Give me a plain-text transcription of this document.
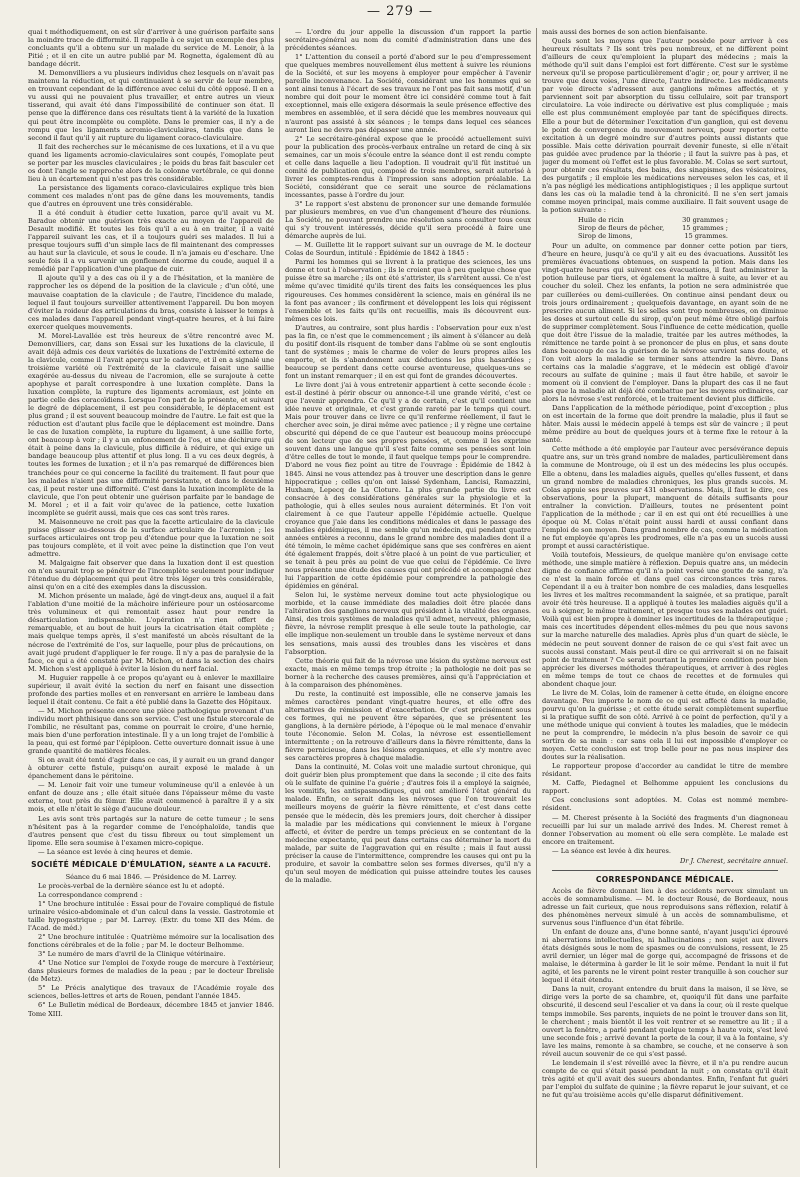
— 279 —

quai t méthodiquement, on est sûr d'arriver à une guérison parfaite sans la moindre trace de difformité. Il rappelle à ce sujet un exemple des plus concluants qu'il a obtenu sur un malade du service de M. Lenoir, à la Pitié ; et il en cite un autre publié par M. Rognetta, également dû au bandage décrit.

M. Demonvilliers a vu plusieurs individus chez lesquels on n'avait pas maintenu la réduction, et qui continuaient à se servir de leur membre, en trouvant cependant de la différence avec celui du côté opposé. Il en a vu aussi qui ne pouvaient plus travailler, et entre autres un vieux tisserand, qui avait été dans l'impossibilité de continuer son état. Il pense que la différence dans ces résultats tient à la variété de la luxation qui peut être incomplète ou complète. Dans le premier cas, il n'y a de rompu que les ligaments acromio-claviculaires, tandis que dans le second il faut qu'il y ait rupture du ligament coraco-claviculaire.

Il fait des recherches sur le mécanisme de ces luxations, et il a vu que quand les ligaments acromio-claviculaires sont coupés, l'omoplate peut se porter par les muscles claviculaires ; le poids du bras fait basculer cet os dont l'angle se rapproche alors de la colonne vertébrale, ce qui donne lieu à un écartement qui n'est pas très considérable.

La persistance des ligaments coraco-claviculaires explique très bien comment ces malades n'ont pas de gêne dans les mouvements, tandis que d'autres en éprouvent une très considérable.

Il a été conduit à étudier cette luxation, parce qu'il avait vu M. Baradue obtenir une guérison très exacte au moyen de l'appareil de Desault modifié. Et toutes les fois qu'il a eu à en traiter, il a vaité l'appareil suivant les cas, et il a toujours guéri ses malades. Il lui a presque toujours suffi d'un simple lacs de fil maintenant des compresses au haut sur la clavicule, et sous le coude. Il n'a jamais eu d'eschare. Une seule fois il a vu survenir un gonflement énorme du coude, auquel il a remédié par l'application d'une plaque de cuir.

Il ajoute qu'il y a des cas où il y a de l'hésitation, et la manière de rapprocher les os dépend de la position de la clavicule ; d'un côté, une mauvaise coaptation de la clavicule ; de l'autre, l'incidence du malade, lequel il faut toujours surveiller attentivement l'appareil. Du bon moyen d'éviter la roideur des articulations du bras, consiste à laisser le temps à ces malades dans l'appareil pendant vingt-quatre heures, et à lui faire exercer quelques mouvements.

M. Morel-Lavallée est très heureux de s'être rencontré avec M. Demonvilliers, car, dans son Essai sur les luxations de la clavicule, il avait déjà admis ces deux variétés de luxations de l'extrémité externe de la clavicule, comme il l'avait aperçu sur le cadavre, et il en a signalé une troisième variété où l'extrémité de la clavicule faisait une saillie exagérée au-dessus du niveau de l'acromion, elle se surajoute à cette apophyse et paraît correspondre à une luxation complète. Dans la luxation complète, la rupture des ligaments acromiaux, est jointe en partie celle des coracoïdiens. Lorsque l'on part de la présente, et suivant le degré de déplacement, il est peu considérable, le déplacement est plus grand ; il est souvent beaucoup moindre de l'autre. Le fait est que la réduction est d'autant plus facile que le déplacement est moindre. Dans le cas de luxation complète, la rupture du ligament, à une saillie forte, ont beaucoup à voir ; il y a un enfoncement de l'os, et une déchirure qui était à peine dans la clavicule, plus difficile à réduire, et qui exige un bandage beaucoup plus attentif et plus long. Il a vu ces deux degrés, à toutes les formes de luxation ; et il n'a pas remarqué de différences bien tranchées pour ce qui concerne la facilité du traitement. Il faut pour que les malades n'aient pas une difformité persistante, et dans le deuxième cas, il peut rester une difformité. C'est dans la luxation incomplète de la clavicule, que l'on peut obtenir une guérison parfaite par le bandage de M. Morel ; et il a fait voir qu'avec de la patience, cette luxation incomplète se guérit aussi, mais que ces cas sont très rares.

M. Maisonneuve ne croit pas que la facette articulaire de la clavicule puisse glisser au-dessous de la surface articulaire de l'acromion ; les surfaces articulaires ont trop peu d'étendue pour que la luxation ne soit pas toujours complète, et il voit avec peine la distinction que l'on veut admettre.

M. Malgaigne fait observer que dans la luxation dont il est question on n'en saurait trop se pénétrer de l'incomplète seulement pour indiquer l'étendue du déplacement qui peut être très léger ou très considérable, ainsi qu'on en a cité des exemples dans la discussion.

M. Michon présente un malade, âgé de vingt-deux ans, auquel il a fait l'ablation d'une moitié de la mâchoire inférieure pour un ostéosarcome très volumineux et qui remontait assez haut pour rendre la désarticulation indispensable. L'opération n'a rien offert de remarquable, et au bout de huit jours la cicatrisation était complète ; mais quelque temps après, il s'est manifesté un abcès résultant de la nécrose de l'extrémité de l'os, sur laquelle, pour plus de précautions, on avait jugé prudent d'appliquer le fer rouge. Il n'y a pas de paralysie de la face, ce qui a été constaté par M. Michon, et dans la section des chairs M. Michon s'est appliqué à éviter la lésion du nerf facial.

M. Huguier rappelle à ce propos qu'ayant eu à enlever le maxillaire supérieur, il avait évité la section du nerf en faisant une dissection profonde des parties molles et en renversant en arrière le lambeau dans lequel il était contenu. Ce fait a été publié dans la Gazette des Hôpitaux.

— M. Michon présente encore une pièce pathologique provenant d'un individu mort phthisique dans son service. C'est une fistule stercorale de l'ombilic, ne résultant pas, comme on pourrait le croire, d'une hernie, mais bien d'une perforation intestinale. Il y a un long trajet de l'ombilic à la peau, qui est formé par l'épiploon. Cette ouverture donnait issue à une grande quantité de matières fécales.

Si on avait été tenté d'agir dans ce cas, il y aurait eu un grand danger à obturer cette fistule, puisqu'on aurait exposé le malade à un épanchement dans le péritoine.

— M. Lenoir fait voir une tumeur volumineuse qu'il a enlevée à un enfant de douze ans ; elle était située dans l'épaisseur même du vaste externe, tout près du fémur. Elle avait commencé à paraître il y a six mois, et elle n'était le siège d'aucune douleur.

Les avis sont très partagés sur la nature de cette tumeur ; le sens n'hésitent pas à la regarder comme de l'encéphaloïde, tandis que d'autres pensent que c'est du tissu fibreux ou tout simplement un lipome. Elle sera soumise à l'examen micro-copique.

— La séance est levée à cinq heures et demie.

SOCIÉTÉ MÉDICALE D'ÉMULATION, SÉANTE A LA FACULTÉ.

Séance du 6 mai 1846. — Présidence de M. Larrey.

Le procès-verbal de la dernière séance est lu et adopté.

La correspondance comprend :

1° Une brochure intitulée : Essai pour de l'ovaire compliqué de fistule urinaire vésico-abdominale et d'un calcul dans la vessie. Gastrotomie et taille hypogastrique ; par M. Larrey. (Extr. du tome XII des Mém. de l'Acad. de méd.)

2° Une brochure intitulée : Quatrième mémoire sur la localisation des fonctions cérébrales et de la folie ; par M. le docteur Belhomme.

3° Le numéro de mars d'avril de la Clinique vétérinaire.

4° Une Notice sur l'emploi de l'oxyde rouge de mercure à l'extérieur, dans plusieurs formes de maladies de la peau ; par le docteur Ibrelisle (de Metz).

5° Le Précis analytique des travaux de l'Académie royale des sciences, belles-lettres et arts de Rouen, pendant l'année 1845.

6° Le Bulletin médical de Bordeaux, décembre 1845 et janvier 1846. Tome XIII.

— L'ordre du jour appelle la discussion d'un rapport la partie secrétaire-général au nom du comité d'administration dans une des précédentes séances.

1° L'attention du conseil a porté d'abord sur le peu d'empressement que quelques membres nouvellement élus mettent à suivre les réunions de la Société, et sur les moyens à employer pour empêcher à l'avenir pareille inconvenance. La Société, considérant une les hommes qui se sont ainsi tenus à l'écart de ses travaux ne l'ont pas fait sans motif, d'un nombre qui doit pour le moment être ici considéré comme tout à fait exceptionnel, mais elle exigera désormais la seule présence effective des membres en assemblée, et il sera décidé que les membres nouveaux qui n'auront pas assisté à six séances ; le temps dans lequel ces séances auront lieu ne devra pas dépasser une année.

2° Le secrétaire-général expose que le procédé actuellement suivi pour la publication des procès-verbaux entraîne un retard de cinq à six semaines, car un mois s'écoule entre la séance dont il est rendu compte et celle dans laquelle a lieu l'adoption. Il voudrait qu'il fût institué un comité de publication qui, composé de trois membres, serait autorisé à livrer les comptes-rendus à l'impression sans adoption préalable. La Société, considérant que ce serait une source de réclamations incessantes, passe à l'ordre du jour.

3° Le rapport s'est abstenu de prononcer sur une demande formulée par plusieurs membres, en vue d'un changement d'heure des réunions. La Société, ne pouvant prendre une résolution sans consulter tous ceux qui s'y trouvent intéressés, décide qu'il sera procédé à faire une démarche auprès de lui.

— M. Guillette lit le rapport suivant sur un ouvrage de M. le docteur Colas de Sourdun, intitulé : Épidémie de 1842 à 1845 :

Parmi les hommes qui se livrent à la pratique des sciences, les uns donne et tout à l'observation ; ils le croient que à peu quelque chose que puisse être sa marche ; ils ont été s'attrister, ils s'arrêtent aussi. Ce n'est même qu'avec timidité qu'ils tirent des faits les conséquences les plus rigoureuses. Ces hommes considèrent la science, mais en général ils ne la font pas avancer ; ils confirment et développent les lois qui régissent l'ensemble et les faits qu'ils ont recueillis, mais ils découvrent eux-mêmes ces lois.

D'autres, au contraire, sont plus hardis : l'observation pour eux n'est pas la fin, ce n'est que le commencement ; ils aiment à s'élancer au delà du positif dont-ils risquent de tomber dans l'abîme où se sont engloutis tant de systèmes ; mais le charme de voler de leurs propres ailes les emporte, et ils s'abandonnent aux déductions les plus hasardées ; beaucoup se perdent dans cette course aventureuse, quelques-uns se font un instant remarquer ; il en est qui font de grandes découvertes.

Le livre dont j'ai à vous entretenir appartient à cette seconde école : est-il destiné à périr obscur ou annonce-t-il une grande vérité, c'est ce que l'avenir apprendra. Ce qu'il y a de certain, c'est qu'il contient une idée neuve et originale, et c'est grande rareté par le temps qui court. Mais pour trouver dans ce livre ce qu'il renferme réellement, il faut le chercher avec soin, je dirai même avec patience ; il y règne une certaine obscurité qui dépend de ce que l'auteur est beaucoup moins préoccupé de son lecteur que de ses propres pensées, et, comme il les exprime souvent dans une langue qu'il s'est faite comme ses pensées sont loin d'être celles de tout le monde, il faut quelque temps pour le comprendre. D'abord ne vous fiez point au titre de l'ouvrage : Épidémie de 1842 à 1845. Ainsi ne vous attendez pas à trouver une description dans le genre hippocratique ; celles qu'on ont laissé Sydenham, Lancisi, Ramazzini, Huxham, Lepecq de La Cloture. La plus grande partie du livre est consacrée à des considérations générales sur la physiologie et la pathologie, qui à elles seules nous auraient déterminés. Et l'on voit clairement à ce que l'auteur appelle l'épidémie actuelle. Quelque croyance que j'aie dans les conditions médicales et dans le passage des maladies épidémiques, il me semble qu'un médecin, qui pendant quatre années entières a reconnu, dans le grand nombre des maladies dont il a été témoin, le même cachet épidémique sans que ses confrères en aient été également frappés, doit s'être placé à un point de vue particulier, et se tenait à peu près au point de vue que celui de l'épidémie. Ce livre nous présente une étude des causes qui ont précédé et accompagné chez lui l'apparition de cette épidémie pour comprendre la pathologie des épidémies en général.

Selon lui, le système nerveux domine tout acte physiologique ou morbide, et la cause immédiate des maladies doit être placée dans l'altération des ganglions nerveux qui président à la vitalité des organes. Ainsi, des trois systèmes de maladies qu'il admet, nerveux, phlegmasie, fièvre, la névrose remplit presque à elle seule toute la pathologie, car elle implique non-seulement un trouble dans le système nerveux et dans les sensations, mais aussi des troubles dans les viscères et dans l'absorption.

Cette théorie qui fait de la névrose une lésion du système nerveux est exacte, mais en même temps trop étroite ; la pathologie ne doit pas se borner à la recherche des causes premières, ainsi qu'à l'appréciation et à la comparaison des phénomènes.

Du reste, la continuité est impossible, elle ne conserve jamais les mêmes caractères pendant vingt-quatre heures, et elle offre des alternatives de rémission et d'exacerbation. Or c'est précisément sous ces formes, qui ne peuvent être séparées, que se présentent les ganglions, à la dernière période, à l'époque où le mal menace d'envahir toute l'économie. Selon M. Colas, la névrose est essentiellement intermittente ; on la retrouve d'ailleurs dans la fièvre rémittente, dans la fièvre pernicieuse, dans les lésions organiques, et elle s'y montre avec ses caractères propres à chaque maladie.

Dans la continuité, M. Colas voit une maladie surtout chronique, qui doit guérir bien plus promptement que dans la seconde ; il cite des faits où le sulfate de quinine l'a guérie ; d'autres fois il a employé la saignée, les vomitifs, les antispasmodiques, qui ont amélioré l'état général du malade. Enfin, ce serait dans les névroses que l'on trouverait les meilleurs moyens de guérir la fièvre rémittente, et c'est dans cette pensée que le médecin, dès les premiers jours, doit chercher à dissiper la maladie par les médications qui conviennent le mieux à l'organe affecté, et éviter de perdre un temps précieux en se contentant de la médecine expectante, qui peut dans certains cas déterminer la mort du malade, par suite de l'aggravation qui en résulte ; mais il faut aussi préciser la cause de l'intermittence, comprendre les causes qui ont pu la produire, et savoir la combattre selon ses formes diverses, qu'il n'y a qu'un seul moyen de médication qui puisse atteindre toutes les causes de la maladie.

mais aussi des bornes de son action bienfaisante.

Quels sont les moyens que l'auteur possède pour arriver à ces heureux résultats ? Ils sont très peu nombreux, et ne diffèrent point d'ailleurs de ceux qu'emploient la plupart des médecins ; mais la méthode qu'il suit dans l'emploi est fort différente. C'est sur le système nerveux qu'il se propose particulièrement d'agir ; or, pour y arriver, il ne trouve que deux voies, l'une directe, l'autre indirecte. Les médicaments par voie directe s'adressent aux ganglions mêmes affectés, et y parviennent soit par absorption du tissu cellulaire, soit par transport circulatoire. La voie indirecte ou dérivative est plus compliquée ; mais elle est plus communément employée par tant de spécifiques directs. Elle a pour but de déterminer l'excitation d'un ganglion, qui est devenu le point de convergence du mouvement nerveux, pour reporter cette excitation à un degré moindre sur d'autres points aussi distants que possible. Mais cette dérivation pourrait devenir funeste, si elle n'était pas guidée avec prudence par la théorie ; il faut la suivre pas à pas, et juger du moment où l'effet est le plus favorable. M. Colas se sert surtout, pour obtenir ces résultats, des bains, des sinapismes, des vésicatoires, des purgatifs ; il emploie les médications nerveuses selon les cas, et il n'a pas négligé les médications antiphlogistiques ; il les applique surtout dans les cas où la maladie tend à la chronicité. Il ne s'en sert jamais comme moyen principal, mais comme auxiliaire. Il fait souvent usage de la potion suivante :

Huile de ricin	30 grammes ;
Sirop de fleurs de pêcher,	15 grammes ;
Sirop de limons,	15 grammes.

Pour un adulte, on commence par donner cette potion par tiers, d'heure en heure, jusqu'à ce qu'il y ait eu des évacuations. Aussitôt les premières évacuations obtenues, on suspend la potion. Mais dans les vingt-quatre heures qui suivent ces évacuations, il faut administrer la potion huileuse par tiers, et également la maître à suite, au lever et au coucher du soleil. Chez les enfants, la potion ne sera administrée que par cuillerées ou demi-cuillerées. On continue ainsi pendant deux ou trois jours ordinairement ; quelquefois davantage, en ayant soin de ne prescrire aucun aliment. Si les selles sont trop nombreuses, on diminue les doses et surtout celle du sirop, qu'on peut même être obligé parfois de supprimer complètement. Sous l'influence de cette médication, quelle que doit être l'issue de la maladie, traitée par les autres méthodes, la rémittence ne tarde point à se prononcer de plus en plus, et sans doute dans beaucoup de cas la guérison de la névrose survient sans doute, et l'on voit alors la maladie se terminer sans attendre la fièvre. Dans certains cas la maladie s'aggrave, et le médecin est obligé d'avoir recours au sulfate de quinine ; mais il faut être habile, et savoir le moment où il convient de l'employer. Dans la plupart des cas il ne faut pas que la maladie ait déjà été combattue par les moyens ordinaires, car alors la névrose s'est renforcée, et le traitement devient plus difficile.

Dans l'application de la méthode périodique, point d'exception ; plus on est incertain de la forme que doit prendre la maladie, plus il faut se hâter. Mais aussi le médecin appelé à temps est sûr de vaincre ; il peut même prédire au bout de quelques jours et à terme fixe le retour à la santé.

Cette méthode a été employée par l'auteur avec persévérance depuis quatre ans, sur un très grand nombre de malades, particulièrement dans la commune de Montrouge, où il est un des médecins les plus occupés. Elle a obtenu, dans les maladies aiguës, quelles qu'elles fussent, et dans un grand nombre de maladies chroniques, les plus grands succès. M. Colas appuie ses preuves sur 431 observations. Mais, il faut le dire, ces observations, pour la plupart, manquent de détails suffisants pour entraîner la conviction. D'ailleurs, toutes ne présentent point l'application de la méthode ; car il en est qui ont été recueillies à une époque où M. Colas n'était point aussi hardi et aussi confiant dans l'emploi de son moyen. Dans grand nombre de cas, comme la médication ne fut employée qu'après les prodromes, elle n'a pas eu un succès aussi prompt et aussi caractéristique.

Voilà toutefois, Messieurs, de quelque manière qu'on envisage cette méthode, une simple matière à réflexion. Depuis quatre ans, un médecin digne de confiance affirme qu'il n'a point versé une goutte de sang, n'a ce n'est la main forcée et dans quel cas circonstances très rares. Cependant il a eu à traiter bon nombre de ces maladies, dans lesquelles les livres et les maîtres recommandent la saignée, et sa pratique, paraît avoir été très heureuse. Il a appliqué à toutes les maladies aiguës qu'il a eu à soigner, le même traitement, et presque tous ses malades ont guéri. Voilà qui est bien propre à dominer les incertitudes de la thérapeutique ; mais ces incertitudes dépendent elles-mêmes du peu que nous savons sur la marche naturelle des maladies. Après plus d'un quart de siècle, le médecin ne peut souvent donner de raison de ce qui s'est fait avec un succès aussi constant. Mais peut-il dire ce qui arriverait si on ne faisait point de traitement ? Ce serait pourtant la première condition pour bien apprécier les diverses méthodes thérapeutiques, et arriver à des règles en même temps de tout ce chaos de recettes et de formules qui abondent chaque jour.

Le livre de M. Colas, loin de ramener à cette étude, en éloigne encore davantage. Peu importe le nom de ce qui est affecté dans la maladie, pourvu qu'on la guérisse ; et cette étude serait complètement superflue si la pratique suffit de son côté. Arrivé à ce point de perfection, qu'il y a une méthode unique qui convient à toutes les maladies, que le médecin ne peut la comprendre, le médecin n'a plus besoin de savoir ce qui sortira de sa main : car sans cela il lui est impossible d'employer ce moyen. Cette conclusion est trop belle pour ne pas nous inspirer des doutes sur la réalisation.

Le rapporteur propose d'accorder au candidat le titre de membre résidant.

M. Caffe, Piedagnel et Belhomme appuient les conclusions du rapport.

Ces conclusions sont adoptées. M. Colas est nommé membre-résident.

— M. Cherest présente à la Société des fragments d'un diagnoneau recueilli par lui sur un malade arrivé des Indes. M. Cherest remet à donner l'observation au moment où elle sera complète. Le malade est encore en traitement.

— La séance est levée à dix heures.

Dr J. Cherest, secrétaire annuel.

CORRESPONDANCE MÉDICALE.

Accès de fièvre donnant lieu à des accidents nerveux simulant un accès de somnambulisme. — M. le docteur Rousé, de Bordeaux, nous adresse un fait curieux, que nous reproduisons sans réflexion, relatif à des phénomènes nerveux simulé à un accès de somnambulisme, et survenus sous l'influence d'un état fébrile.

Un enfant de douze ans, d'une bonne santé, n'ayant jusqu'ici éprouvé ni aberrations intellectuelles, ni hallucinations ; non sujet aux divers états désignés sous le nom de spasmes ou de convulsions, ressent, le 25 avril dernier, un léger mal de gorge qui, accompagné de frissons et de malaise, le détermina à garder le lit le soir même. Pendant la nuit il fut agité, et les parents ne le virent point rester tranquille à son coucher sur lequel il était étendu.

Dans la nuit, croyant entendre du bruit dans la maison, il se lève, se dirige vers la porte de sa chambre, et, quoiqu'il fût dans une parfaite obscurité, il descend seul l'escalier et va dans la cour, où il reste quelque temps immobile. Ses parents, inquiets de ne point le trouver dans son lit, le cherchent ; mais bientôt il les voit rentrer et se remettre au lit ; il a ouvert la fenêtre, a parlé pendant quelque temps à haute voix, s'est levé une seconde fois ; arrivé devant la porte de la cour, il va à la fontaine, s'y lave les mains, remonte à sa chambre, se couche, et ne conserve à son réveil aucun souvenir de ce qui s'est passé.

Le lendemain il s'est réveillé avec la fièvre, et il n'a pu rendre aucun compte de ce qui s'était passé pendant la nuit ; on constata qu'il était très agité et qu'il avait des sueurs abondantes. Enfin, l'enfant fut guéri par l'emploi du sulfate de quinine ; la fièvre reparut le jour suivant, et ce ne fut qu'au troisième accès qu'elle disparut définitivement.
